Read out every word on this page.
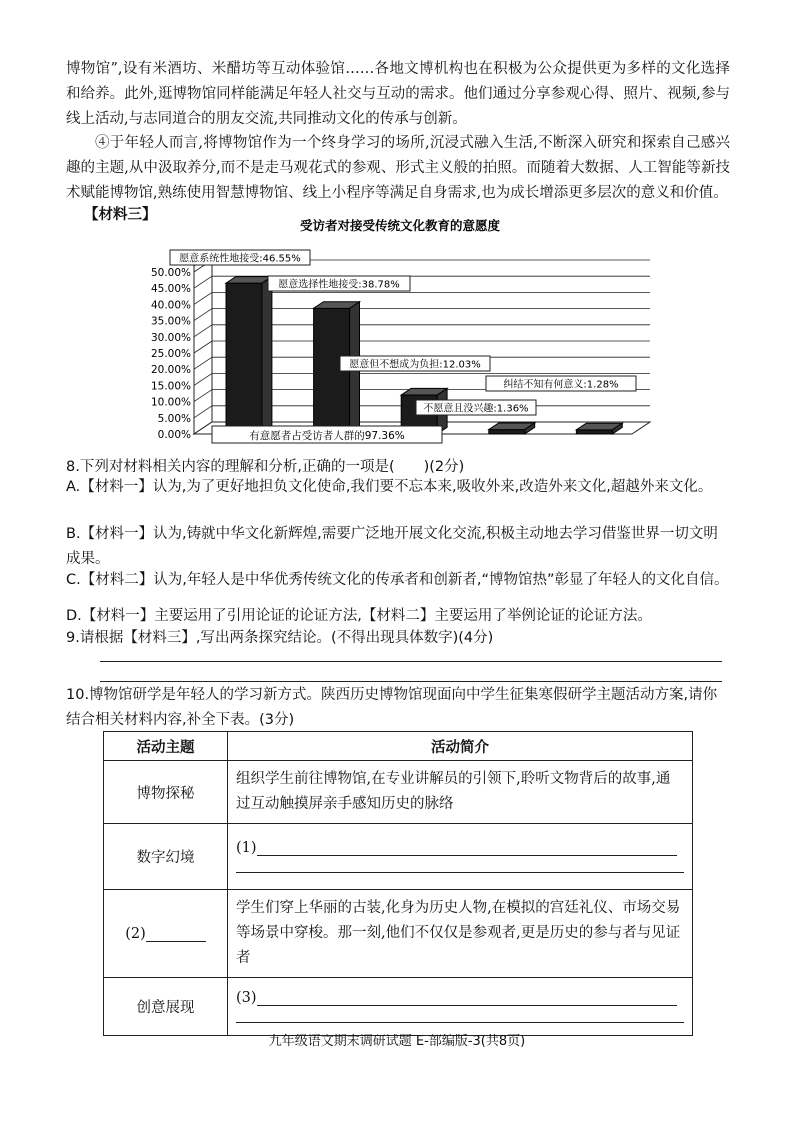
博物馆”,设有米酒坊、米醋坊等互动体验馆……各地文博机构也在积极为公众提供更为多样的文化选择和给养。此外,逛博物馆同样能满足年轻人社交与互动的需求。他们通过分享参观心得、照片、视频,参与线上活动,与志同道合的朋友交流,共同推动文化的传承与创新。

④于年轻人而言,将博物馆作为一个终身学习的场所,沉浸式融入生活,不断深入研究和探索自己感兴趣的主题,从中汲取养分,而不是走马观花式的参观、形式主义般的拍照。而随着大数据、人工智能等新技术赋能博物馆,熟练使用智慧博物馆、线上小程序等满足自身需求,也为成长增添更多层次的意义和价值。

【材料三】
受访者对接受传统文化教育的意愿度
0.00%
5.00%
10.00%
15.00%
20.00%
25.00%
30.00%
35.00%
40.00%
45.00%
50.00%
愿意系统性地接受:46.55%
愿意选择性地接受:38.78%
愿意但不想成为负担:12.03%
不愿意且没兴趣:1.36%
纠结不知有何意义:1.28%
有意愿者占受访者人群的97.36%
8.下列对材料相关内容的理解和分析,正确的一项是(　　)(2分)
A.【材料一】认为,为了更好地担负文化使命,我们要不忘本来,吸收外来,改造外来文化,超越外来文化。
B.【材料一】认为,铸就中华文化新辉煌,需要广泛地开展文化交流,积极主动地去学习借鉴世界一切文明成果。
C.【材料二】认为,年轻人是中华优秀传统文化的传承者和创新者,“博物馆热”彰显了年轻人的文化自信。
D.【材料一】主要运用了引用论证的论证方法,【材料二】主要运用了举例论证的论证方法。
9.请根据【材料三】,写出两条探究结论。(不得出现具体数字)(4分)
10.博物馆研学是年轻人的学习新方式。陕西历史博物馆现面向中学生征集寒假研学主题活动方案,请你结合相关材料内容,补全下表。(3分)
活动主题	活动简介
博物探秘	组织学生前往博物馆,在专业讲解员的引领下,聆听文物背后的故事,通过互动触摸屏亲手感知历史的脉络
数字幻境	(1)

(2)	学生们穿上华丽的古装,化身为历史人物,在模拟的宫廷礼仪、市场交易等场景中穿梭。那一刻,他们不仅仅是参观者,更是历史的参与者与见证者
创意展现	(3)

九年级语文期末调研试题 E-部编版-3(共8页)
